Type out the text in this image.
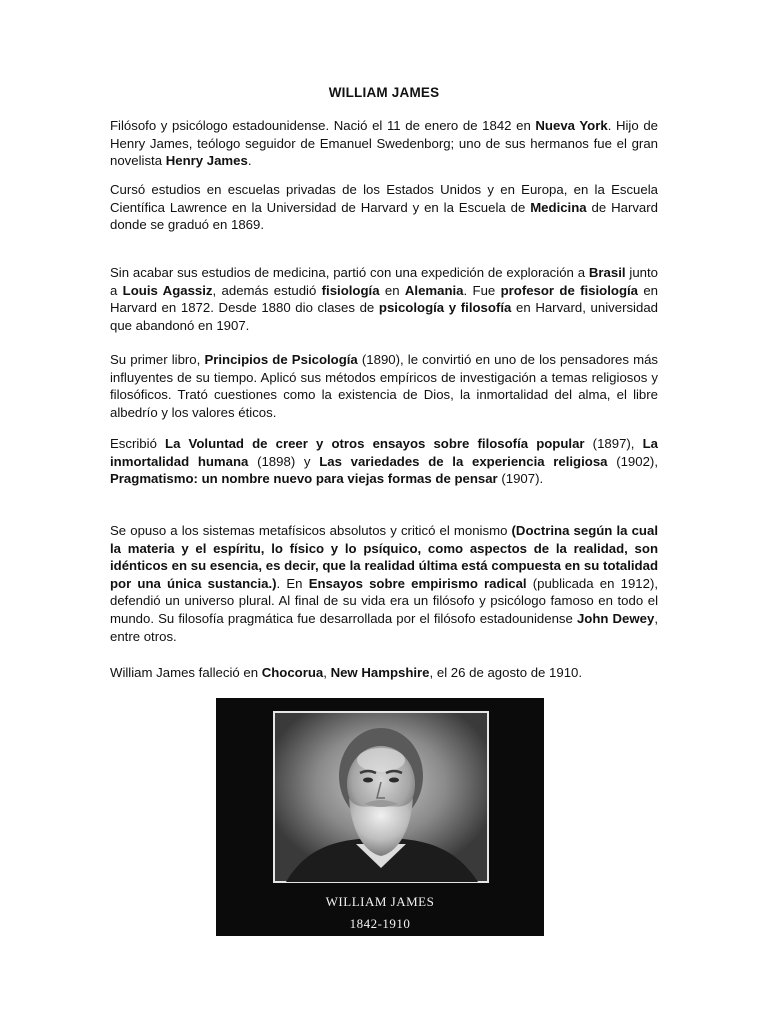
WILLIAM JAMES

Filósofo y psicólogo estadounidense. Nació el 11 de enero de 1842 en Nueva York. Hijo de Henry James, teólogo seguidor de Emanuel Swedenborg; uno de sus hermanos fue el gran novelista Henry James.

Cursó estudios en escuelas privadas de los Estados Unidos y en Europa, en la Escuela Científica Lawrence en la Universidad de Harvard y en la Escuela de Medicina de Harvard donde se graduó en 1869.

Sin acabar sus estudios de medicina, partió con una expedición de exploración a Brasil junto a Louis Agassiz, además estudió fisiología en Alemania. Fue profesor de fisiología en Harvard en 1872. Desde 1880 dio clases de psicología y filosofía en Harvard, universidad que abandonó en 1907.

Su primer libro, Principios de Psicología (1890), le convirtió en uno de los pensadores más influyentes de su tiempo. Aplicó sus métodos empíricos de investigación a temas religiosos y filosóficos. Trató cuestiones como la existencia de Dios, la inmortalidad del alma, el libre albedrío y los valores éticos.

Escribió La Voluntad de creer y otros ensayos sobre filosofía popular (1897), La inmortalidad humana (1898) y Las variedades de la experiencia religiosa (1902), Pragmatismo: un nombre nuevo para viejas formas de pensar (1907).

Se opuso a los sistemas metafísicos absolutos y criticó el monismo (Doctrina según la cual la materia y el espíritu, lo físico y lo psíquico, como aspectos de la realidad, son idénticos en su esencia, es decir, que la realidad última está compuesta en su totalidad por una única sustancia.). En Ensayos sobre empirismo radical (publicada en 1912), defendió un universo plural. Al final de su vida era un filósofo y psicólogo famoso en todo el mundo. Su filosofía pragmática fue desarrollada por el filósofo estadounidense John Dewey, entre otros.

William James falleció en Chocorua, New Hampshire, el 26 de agosto de 1910.

WILLIAM JAMES
1842-1910
